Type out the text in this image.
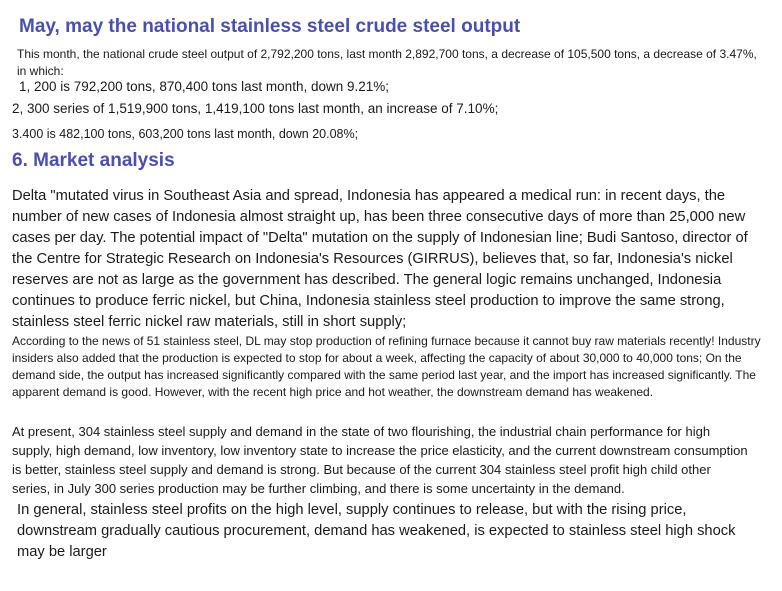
May, may the national stainless steel crude steel output

This month, the national crude steel output of 2,792,200 tons, last month 2,892,700 tons, a decrease of 105,500 tons, a decrease of 3.47%, in which:

1, 200 is 792,200 tons, 870,400 tons last month, down 9.21%;

2, 300 series of 1,519,900 tons, 1,419,100 tons last month, an increase of 7.10%;

3.400 is 482,100 tons, 603,200 tons last month, down 20.08%;

6. Market analysis

Delta "mutated virus in Southeast Asia and spread, Indonesia has appeared a medical run: in recent days, the number of new cases of Indonesia almost straight up, has been three consecutive days of more than 25,000 new cases per day. The potential impact of "Delta" mutation on the supply of Indonesian line; Budi Santoso, director of the Centre for Strategic Research on Indonesia's Resources (GIRRUS), believes that, so far, Indonesia's nickel reserves are not as large as the government has described. The general logic remains unchanged, Indonesia continues to produce ferric nickel, but China, Indonesia stainless steel production to improve the same strong, stainless steel ferric nickel raw materials, still in short supply;

According to the news of 51 stainless steel, DL may stop production of refining furnace because it cannot buy raw materials recently! Industry insiders also added that the production is expected to stop for about a week, affecting the capacity of about 30,000 to 40,000 tons; On the demand side, the output has increased significantly compared with the same period last year, and the import has increased significantly. The apparent demand is good. However, with the recent high price and hot weather, the downstream demand has weakened.

At present, 304 stainless steel supply and demand in the state of two flourishing, the industrial chain performance for high supply, high demand, low inventory, low inventory state to increase the price elasticity, and the current downstream consumption is better, stainless steel supply and demand is strong. But because of the current 304 stainless steel profit high child other series, in July 300 series production may be further climbing, and there is some uncertainty in the demand.

In general, stainless steel profits on the high level, supply continues to release, but with the rising price, downstream gradually cautious procurement, demand has weakened, is expected to stainless steel high shock may be larger
